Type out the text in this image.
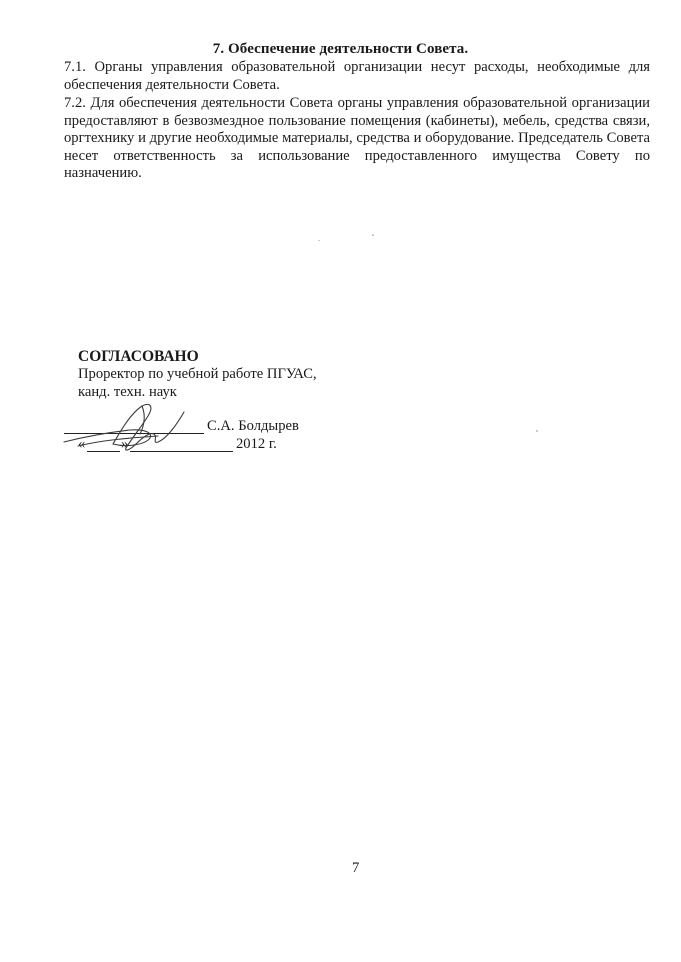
7. Обеспечение деятельности Совета.
7.1. Органы управления образовательной организации несут расходы, необходимые для обеспечения деятельности Совета.
7.2. Для обеспечения деятельности Совета органы управления образовательной организации предоставляют в безвозмездное пользование помещения (кабинеты), мебель, средства связи, оргтехнику и другие необходимые материалы, средства и оборудование. Председатель Совета несет ответственность за использование предоставленного имущества Совету по назначению.
СОГЛАСОВАНО
Проректор по учебной работе ПГУАС,
канд. техн. наук
С.А. Болдырев
« »	2012 г.
7
